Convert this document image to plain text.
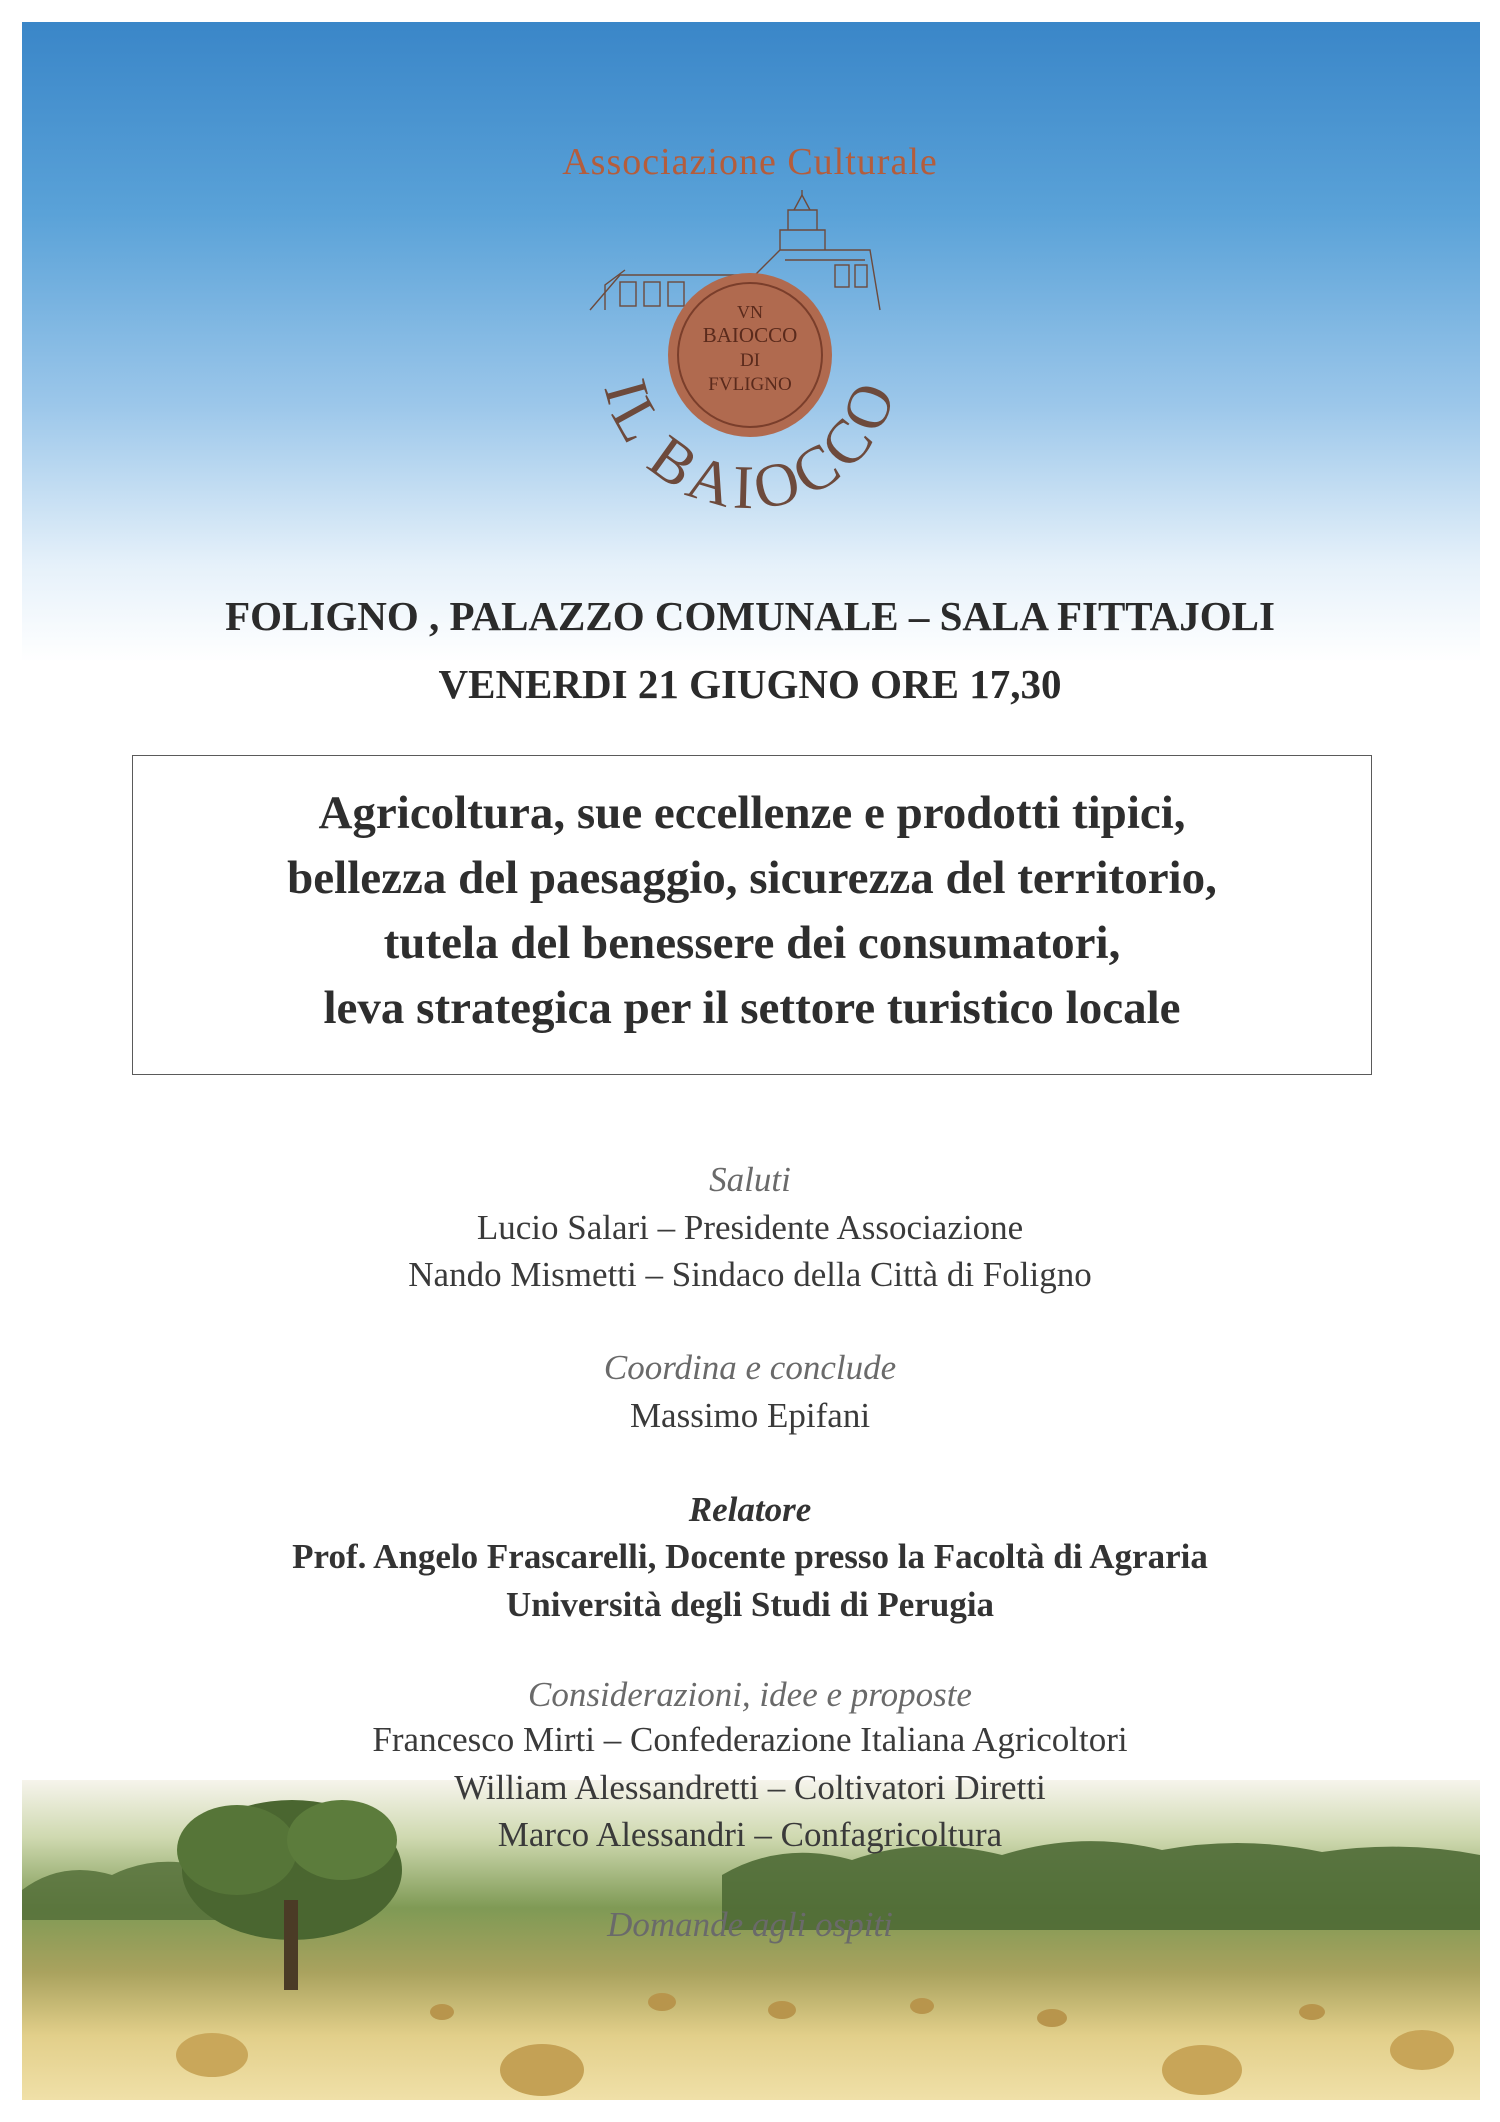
Associazione Culturale
VN
BAIOCCO
DI
FVLIGNO
IL BAIOCCO
FOLIGNO , PALAZZO COMUNALE – SALA FITTAJOLI
VENERDI 21 GIUGNO ORE 17,30
Agricoltura, sue eccellenze e prodotti tipici,
bellezza del paesaggio, sicurezza del territorio,
tutela del benessere dei consumatori,
leva strategica per il settore turistico locale
Saluti
Lucio Salari – Presidente Associazione
Nando Mismetti – Sindaco della Città di Foligno
Coordina e conclude
Massimo Epifani
Relatore
Prof. Angelo Frascarelli, Docente presso la Facoltà di Agraria
Università degli Studi di Perugia
Considerazioni, idee e proposte
Francesco Mirti – Confederazione Italiana Agricoltori
William Alessandretti – Coltivatori Diretti
Marco Alessandri – Confagricoltura
Domande agli ospiti
